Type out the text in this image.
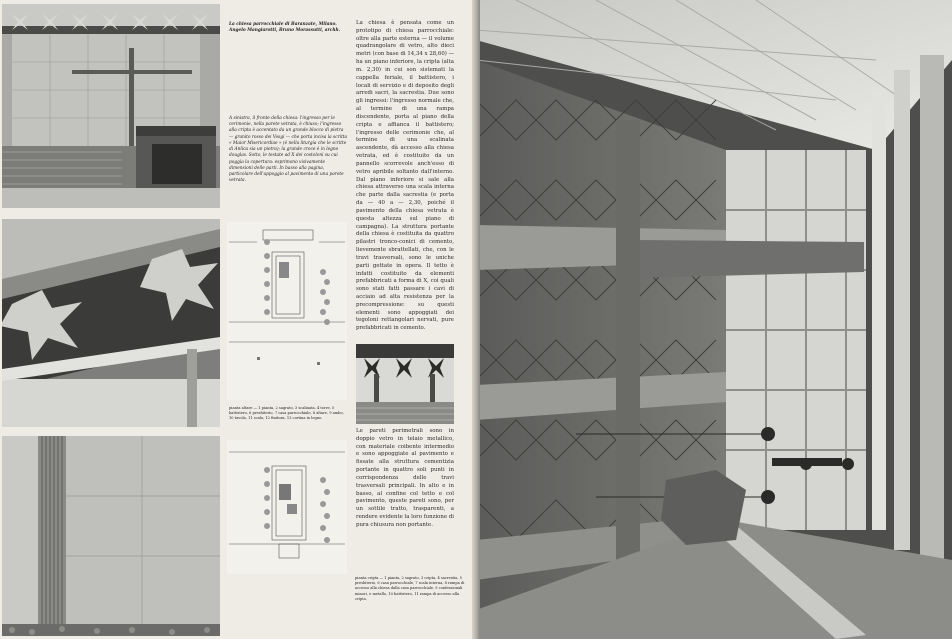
La chiesa parrocchiale di Baranzate, Milano. Angelo Mangiarotti, Bruno Morassutti, archh.
A sinistra, il fronte della chiesa: l'ingresso per le cerimonie, nella parete vetrata, è chiuso; l'ingresso alla cripta è accentato da un grande blocco di pietra — granito rosso dei Vosgi — che porta incisa la scritta « Maior Misericordiae » (è nella liturgia che le scritte di Anlica sia un pietra); la grande croce è in legno douglas. Sotto, le testate ad X dei costoloni su cui poggia la copertura: esprimono visivamente dimensioni delle parti. In basso alla pagina, particolare dell'appoggio al pavimento di una parete vetrata.
pianta altare — 1 pianta, 2 sagrato, 3 scalinata, 4 torre, 5 battistero, 6 presbiterio, 7 casa parrocchiale, 8 altare, 9 ambo, 10 tavola, 11 scala, 12 finitura, 13 cortina in legno.
La chiesa è pensata come un prototipo di chiesa parrocchiale: oltre alla parte esterna — il volume quadrangolare di vetro, alto dieci metri (con base di 14,34 x 28,60) — ha un piano inferiore, la cripta (alta m. 2,30) in cui son sistemati la cappella feriale, il battistero, i locali di servizio e di deposito degli arredi sacri, la sacrestia. Due sono gli ingressi: l'ingresso normale che, al termine di una rampa discendente, porta al piano della cripta e affianca il battistero; l'ingresso delle cerimonie che, al termine di una scalinata ascendente, dà accesso alla chiesa vetrata, ed è costituito da un pannello scorrevole anch'esso di vetro apribile soltanto dall'interno. Dal piano inferiore si sale alla chiesa attraverso una scala interna che parte dalla sacrestia (e porta da — 40 a — 2,30, poiché il pavimento della chiesa vetrata è questa altezza sul piano di campagna). La struttura portante della chiesa è costituita da quattro pilastri tronco-conici di cemento, lievemente sbrattellati, che, con le travi trasversali, sono le uniche parti gettate in opera. Il tetto è infatti costituito da elementi prefabbricati a forma di X, coi quali sono stati fatti passare i cavi di acciaio ad alta resistenza per la precompressione: su questi elementi sono appoggiati dei tegoloni rettangolari nervati, pure prefabbricati in cemento.
Le pareti perimetrali sono in doppio vetro in telaio metallico, con materiale coibente intermedio e sono appoggiate al pavimento e fissate alla struttura cementizia portante in quattro soli punti in corrispondenza delle travi trasversali principali. In alto e in basso, al confine col tetto e col pavimento, queste pareti sono, per un sottile tratto, trasparenti, a rendere evidente la loro funzione di pura chiusura non portante.
pianta cripta — 1 pianta, 2 sagrato, 3 cripta, 4 sacrestia, 5 presbiterio, 6 casa parrocchiale, 7 scala interna, 8 rampa di accesso alla chiesa dalla casa parrocchiale, 9 confessionali minori, e metallo, 10 battistero, 11 rampa di accesso alla cripta.
